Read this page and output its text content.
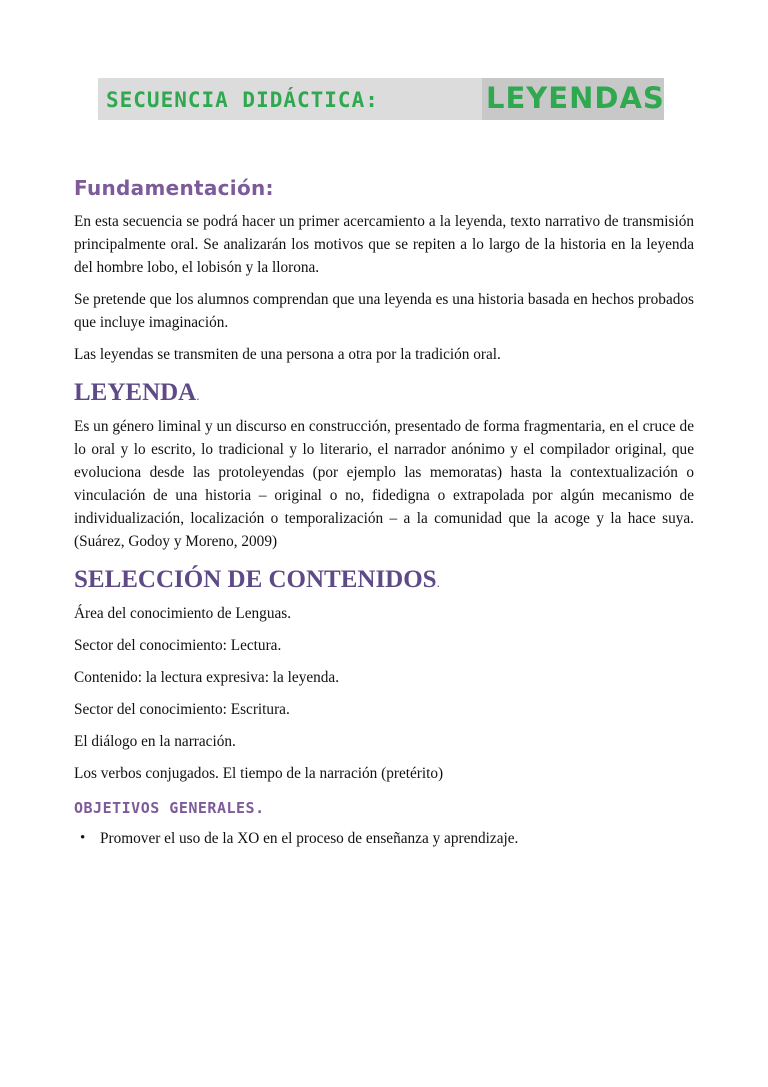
SECUENCIA DIDÁCTICA:	LEYENDAS
Fundamentación:

En esta secuencia se podrá hacer un primer acercamiento a la leyenda, texto narrativo de transmisión principalmente oral. Se analizarán los motivos que se repiten a lo largo de la historia en la leyenda del hombre lobo, el lobisón y la llorona.

Se pretende que los alumnos comprendan que una leyenda es una historia basada en hechos probados que incluye imaginación.

Las leyendas se transmiten de una persona a otra por la tradición oral.

LEYENDA.

Es un género liminal y un discurso en construcción, presentado de forma fragmentaria, en el cruce de lo oral y lo escrito, lo tradicional y lo literario, el narrador anónimo y el compilador original, que evoluciona desde las protoleyendas (por ejemplo las memoratas) hasta la contextualización o vinculación de una historia – original o no, fidedigna o extrapolada por algún mecanismo de individualización, localización o temporalización – a la comunidad que la acoge y la hace suya. (Suárez, Godoy y Moreno, 2009)

SELECCIÓN DE CONTENIDOS.

Área del conocimiento de Lenguas.

Sector del conocimiento: Lectura.

Contenido: la lectura expresiva: la leyenda.

Sector del conocimiento: Escritura.

El diálogo en la narración.

Los verbos conjugados. El tiempo de la narración (pretérito)

OBJETIVOS GENERALES.
• Promover el uso de la XO en el proceso de enseñanza y aprendizaje.
